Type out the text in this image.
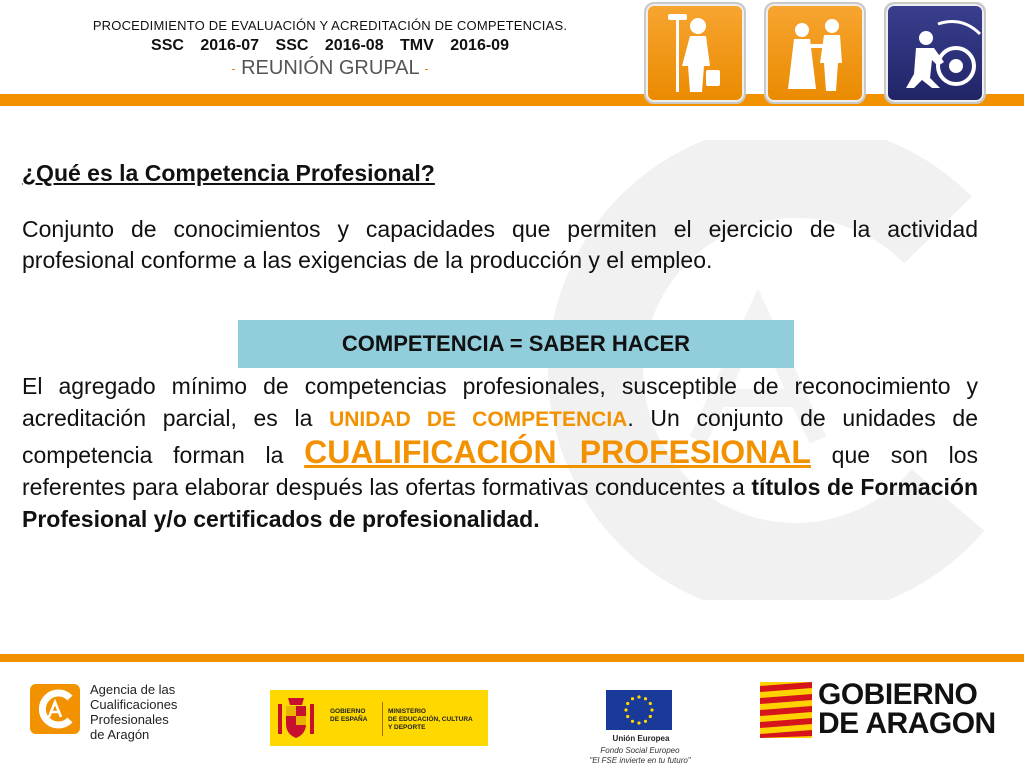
PROCEDIMIENTO DE EVALUACIÓN Y ACREDITACIÓN DE COMPETENCIAS.
SSC 2016-07 SSC 2016-08 TMV 2016-09
- REUNIÓN GRUPAL -

¿Qué es la Competencia Profesional?

Conjunto de conocimientos y capacidades que permiten el ejercicio de la actividad profesional conforme a las exigencias de la producción y el empleo.

COMPETENCIA = SABER HACER

El agregado mínimo de competencias profesionales, susceptible de reconocimiento y acreditación parcial, es la UNIDAD DE COMPETENCIA. Un conjunto de unidades de competencia forman la CUALIFICACIÓN PROFESIONAL que son los referentes para elaborar después las ofertas formativas conducentes a títulos de Formación Profesional y/o certificados de profesionalidad.

Agencia de las
Cualificaciones
Profesionales
de Aragón
GOBIERNO
DE ESPAÑA
MINISTERIO
DE EDUCACIÓN, CULTURA
Y DEPORTE
Unión Europea
Fondo Social Europeo
"El FSE invierte en tu futuro"
GOBIERNO
DE ARAGON
